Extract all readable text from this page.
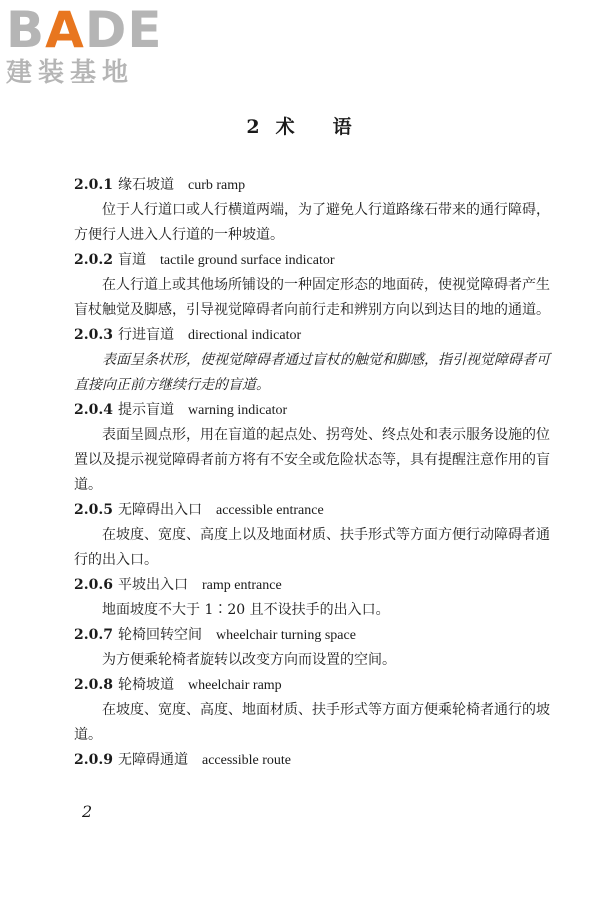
BADE
建装基地
2 术 语

2.0.1 缘石坡道 curb ramp

位于人行道口或人行横道两端，为了避免人行道路缘石带来的通行障碍，方便行人进入人行道的一种坡道。

2.0.2 盲道 tactile ground surface indicator

在人行道上或其他场所铺设的一种固定形态的地面砖，使视觉障碍者产生盲杖触觉及脚感，引导视觉障碍者向前行走和辨别方向以到达目的地的通道。

2.0.3 行进盲道 directional indicator

表面呈条状形，使视觉障碍者通过盲杖的触觉和脚感，指引视觉障碍者可直接向正前方继续行走的盲道。

2.0.4 提示盲道 warning indicator

表面呈圆点形，用在盲道的起点处、拐弯处、终点处和表示服务设施的位置以及提示视觉障碍者前方将有不安全或危险状态等，具有提醒注意作用的盲道。

2.0.5 无障碍出入口 accessible entrance

在坡度、宽度、高度上以及地面材质、扶手形式等方面方便行动障碍者通行的出入口。

2.0.6 平坡出入口 ramp entrance

地面坡度不大于 1∶20 且不设扶手的出入口。

2.0.7 轮椅回转空间 wheelchair turning space

为方便乘轮椅者旋转以改变方向而设置的空间。

2.0.8 轮椅坡道 wheelchair ramp

在坡度、宽度、高度、地面材质、扶手形式等方面方便乘轮椅者通行的坡道。

2.0.9 无障碍通道 accessible route

2
